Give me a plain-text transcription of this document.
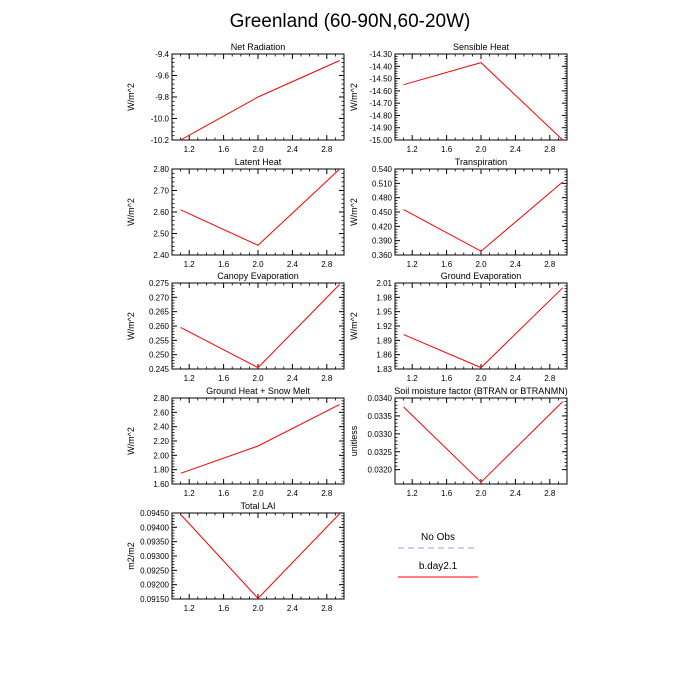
Greenland (60-90N,60-20W)
Net Radiation
W/m^2
-10.2
-10.0
-9.8
-9.6
-9.4
1.2	1.6	2.0	2.4	2.8
Sensible Heat
W/m^2
-15.00
-14.90
-14.80
-14.70
-14.60
-14.50
-14.40
-14.30
1.2	1.6	2.0	2.4	2.8
Latent Heat
W/m^2
2.40
2.50
2.60
2.70
2.80
1.2	1.6	2.0	2.4	2.8
Transpiration
W/m^2
0.360
0.390
0.420
0.450
0.480
0.510
0.540
1.2	1.6	2.0	2.4	2.8
Canopy Evaporation
W/m^2
0.245
0.250
0.255
0.260
0.265
0.270
0.275
1.2	1.6	2.0	2.4	2.8
Ground Evaporation
W/m^2
1.83
1.86
1.89
1.92
1.95
1.98
2.01
1.2	1.6	2.0	2.4	2.8
Ground Heat + Snow Melt
W/m^2
1.60
1.80
2.00
2.20
2.40
2.60
2.80
1.2	1.6	2.0	2.4	2.8
Soil moisture factor (BTRAN or BTRANMN)
unitless
0.0320
0.0325
0.0330
0.0335
0.0340
1.2	1.6	2.0	2.4	2.8
Total LAI
m2/m2
0.09150
0.09200
0.09250
0.09300
0.09350
0.09400
0.09450
1.2	1.6	2.0	2.4	2.8
No Obs
b.day2.1
